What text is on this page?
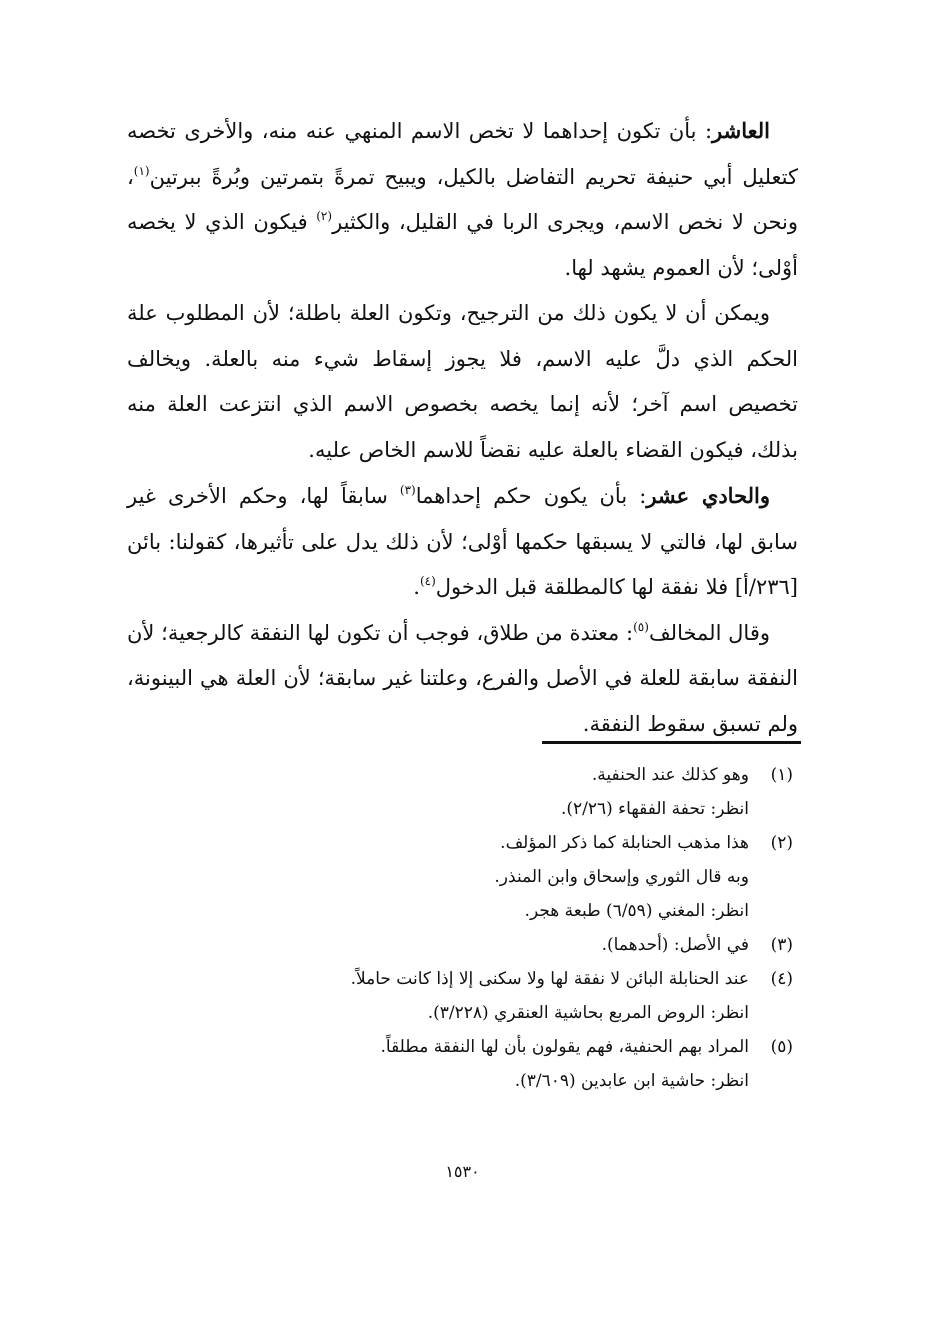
العاشر: بأن تكون إحداهما لا تخص الاسم المنهي عنه منه، والأخرى تخصه كتعليل أبي حنيفة تحريم التفاضل بالكيل، ويبيح تمرةً بتمرتين وبُرةً ببرتين$^{(١)}$، ونحن لا نخص الاسم، ويجرى الربا في القليل، والكثير$^{(٢)}$ فيكون الذي لا يخصه أوْلى؛ لأن العموم يشهد لها.

ويمكن أن لا يكون ذلك من الترجيح، وتكون العلة باطلة؛ لأن المطلوب علة الحكم الذي دلَّ عليه الاسم، فلا يجوز إسقاط شيء منه بالعلة. ويخالف تخصيص اسم آخر؛ لأنه إنما يخصه بخصوص الاسم الذي انتزعت العلة منه بذلك، فيكون القضاء بالعلة عليه نقضاً للاسم الخاص عليه.

والحادي عشر: بأن يكون حكم إحداهما$^{(٣)}$ سابقاً لها، وحكم الأخرى غير سابق لها، فالتي لا يسبقها حكمها أوْلى؛ لأن ذلك يدل على تأثيرها، كقولنا: بائن [٢٣٦/أ] فلا نفقة لها كالمطلقة قبل الدخول$^{(٤)}$.

وقال المخالف$^{(٥)}$: معتدة من طلاق، فوجب أن تكون لها النفقة كالرجعية؛ لأن النفقة سابقة للعلة في الأصل والفرع، وعلتنا غير سابقة؛ لأن العلة هي البينونة، ولم تسبق سقوط النفقة.

(١)
وهو كذلك عند الحنفية.
انظر: تحفة الفقهاء (٢/٢٦).
(٢)
هذا مذهب الحنابلة كما ذكر المؤلف.
وبه قال الثوري وإسحاق وابن المنذر.
انظر: المغني (٦/٥٩) طبعة هجر.
(٣)
في الأصل: (أحدهما).
(٤)
عند الحنابلة البائن لا نفقة لها ولا سكنى إلا إذا كانت حاملاً.
انظر: الروض المربع بحاشية العنقري (٣/٢٢٨).
(٥)
المراد بهم الحنفية، فهم يقولون بأن لها النفقة مطلقاً.
انظر: حاشية ابن عابدين (٣/٦٠٩).
١٥٣٠
